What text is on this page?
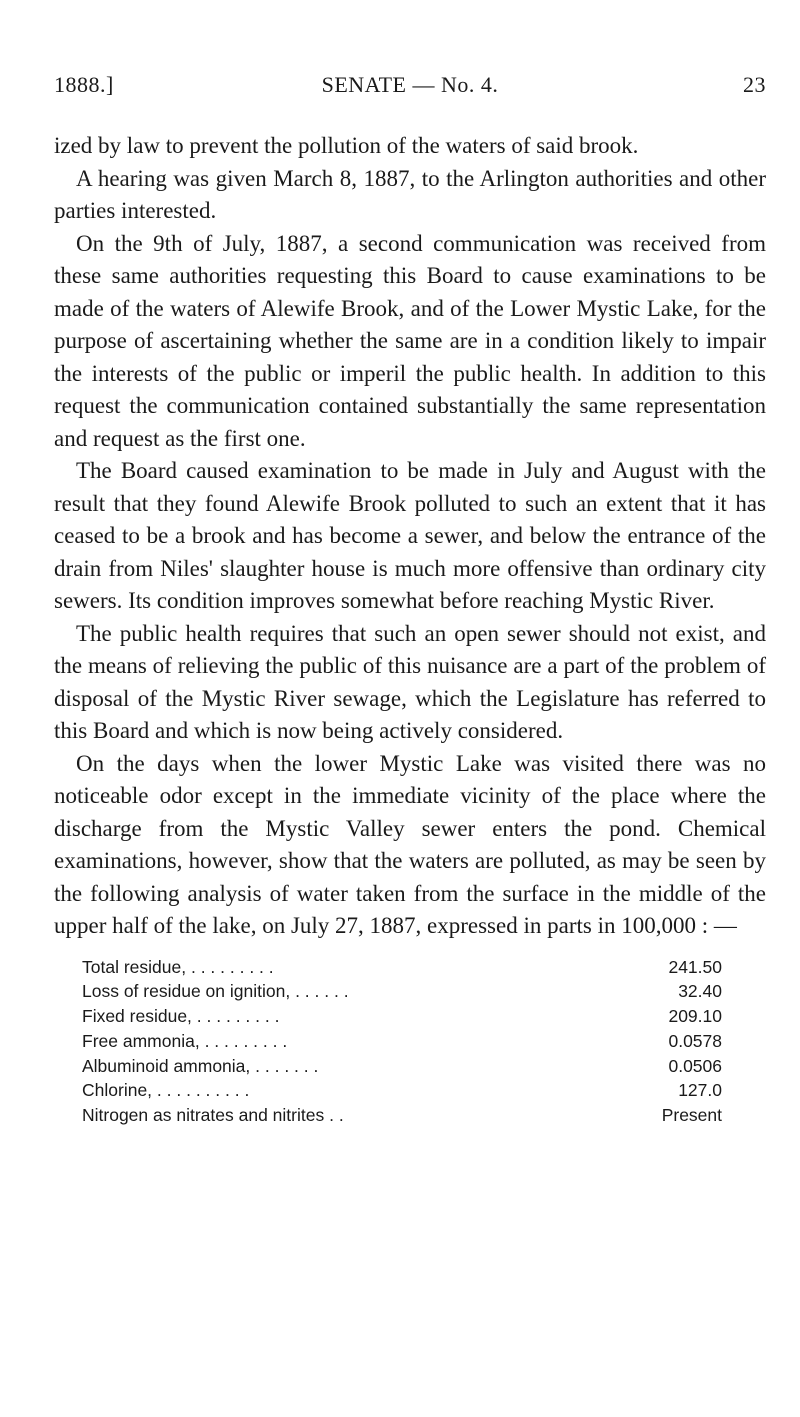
1888.]	SENATE — No. 4.	23

ized by law to prevent the pollution of the waters of said brook.

A hearing was given March 8, 1887, to the Arlington authorities and other parties interested.

On the 9th of July, 1887, a second communication was received from these same authorities requesting this Board to cause examinations to be made of the waters of Alewife Brook, and of the Lower Mystic Lake, for the purpose of ascertaining whether the same are in a condition likely to impair the interests of the public or imperil the public health. In addition to this request the communication contained substantially the same representation and request as the first one.

The Board caused examination to be made in July and August with the result that they found Alewife Brook polluted to such an extent that it has ceased to be a brook and has become a sewer, and below the entrance of the drain from Niles' slaughter house is much more offensive than ordinary city sewers. Its condition improves somewhat before reaching Mystic River.

The public health requires that such an open sewer should not exist, and the means of relieving the public of this nuisance are a part of the problem of disposal of the Mystic River sewage, which the Legislature has referred to this Board and which is now being actively considered.

On the days when the lower Mystic Lake was visited there was no noticeable odor except in the immediate vicinity of the place where the discharge from the Mystic Valley sewer enters the pond. Chemical examinations, however, show that the waters are polluted, as may be seen by the following analysis of water taken from the surface in the middle of the upper half of the lake, on July 27, 1887, expressed in parts in 100,000 : —

Total residue, . . . . . . . . .	241.50
Loss of residue on ignition, . . . . . .	32.40
Fixed residue, . . . . . . . . .	209.10
Free ammonia, . . . . . . . . .	0.0578
Albuminoid ammonia, . . . . . . .	0.0506
Chlorine, . . . . . . . . . .	127.0
Nitrogen as nitrates and nitrites . .	Present
